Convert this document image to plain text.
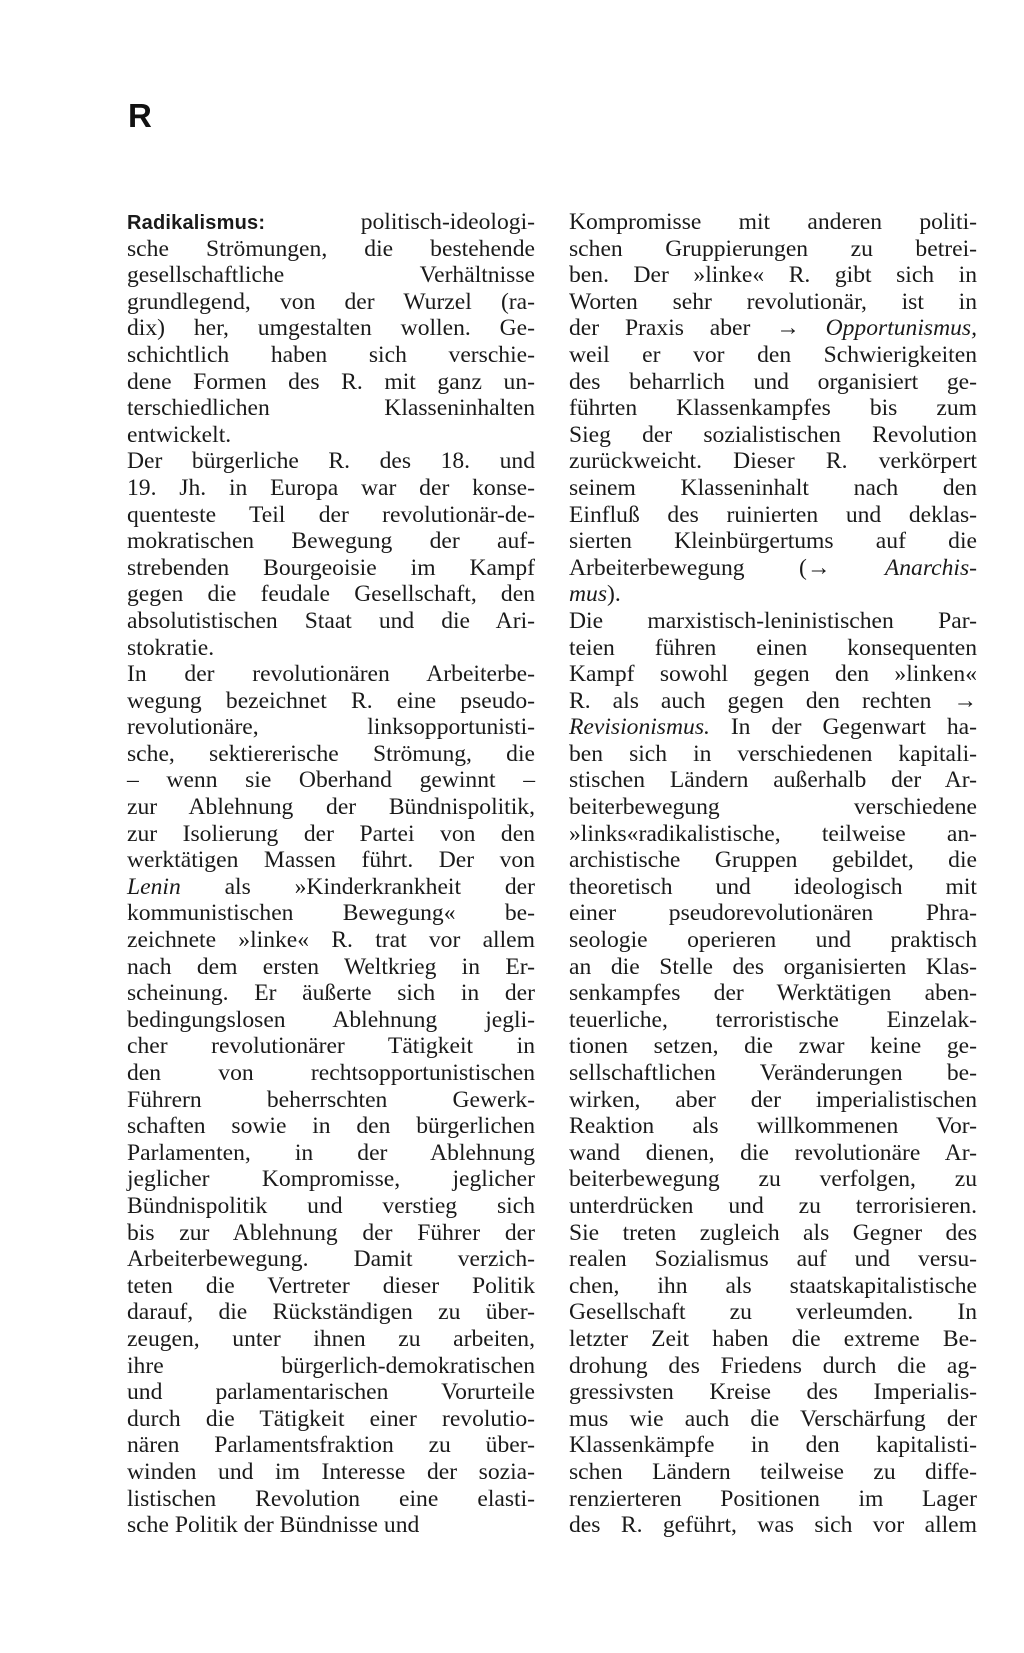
R
Radikalismus:	politisch-ideologi-
sche Strömungen, die bestehende
gesellschaftliche Verhältnisse
grundlegend, von der Wurzel (ra-
dix) her, umgestalten wollen. Ge-
schichtlich haben sich verschie-
dene Formen des R. mit ganz un-
terschiedlichen Klasseninhalten
entwickelt.
Der bürgerliche R. des 18. und
19. Jh. in Europa war der konse-
quenteste Teil der revolutionär-de-
mokratischen Bewegung der auf-
strebenden Bourgeoisie im Kampf
gegen die feudale Gesellschaft, den
absolutistischen Staat und die Ari-
stokratie.
In der revolutionären Arbeiterbe-
wegung bezeichnet R. eine pseudo-
revolutionäre, linksopportunisti-
sche, sektiererische Strömung, die
– wenn sie Oberhand gewinnt –
zur Ablehnung der Bündnispolitik,
zur Isolierung der Partei von den
werktätigen Massen führt. Der von
Lenin als »Kinderkrankheit der
kommunistischen Bewegung« be-
zeichnete »linke« R. trat vor allem
nach dem ersten Weltkrieg in Er-
scheinung. Er äußerte sich in der
bedingungslosen Ablehnung jegli-
cher revolutionärer Tätigkeit in
den von rechtsopportunistischen
Führern beherrschten Gewerk-
schaften sowie in den bürgerlichen
Parlamenten, in der Ablehnung
jeglicher Kompromisse, jeglicher
Bündnispolitik und verstieg sich
bis zur Ablehnung der Führer der
Arbeiterbewegung. Damit verzich-
teten die Vertreter dieser Politik
darauf, die Rückständigen zu über-
zeugen, unter ihnen zu arbeiten,
ihre bürgerlich-demokratischen
und parlamentarischen Vorurteile
durch die Tätigkeit einer revolutio-
nären Parlamentsfraktion zu über-
winden und im Interesse der sozia-
listischen Revolution eine elasti-
sche Politik der Bündnisse und
Kompromisse mit anderen politi-
schen Gruppierungen zu betrei-
ben. Der »linke« R. gibt sich in
Worten sehr revolutionär, ist in
der Praxis aber → Opportunismus,
weil er vor den Schwierigkeiten
des beharrlich und organisiert ge-
führten Klassenkampfes bis zum
Sieg der sozialistischen Revolution
zurückweicht. Dieser R. verkörpert
seinem Klasseninhalt nach den
Einfluß des ruinierten und deklas-
sierten Kleinbürgertums auf die
Arbeiterbewegung (→ Anarchis-
mus).
Die marxistisch-leninistischen Par-
teien führen einen konsequenten
Kampf sowohl gegen den »linken«
R. als auch gegen den rechten →
Revisionismus. In der Gegenwart ha-
ben sich in verschiedenen kapitali-
stischen Ländern außerhalb der Ar-
beiterbewegung verschiedene
»links«radikalistische, teilweise an-
archistische Gruppen gebildet, die
theoretisch und ideologisch mit
einer pseudorevolutionären Phra-
seologie operieren und praktisch
an die Stelle des organisierten Klas-
senkampfes der Werktätigen aben-
teuerliche, terroristische Einzelak-
tionen setzen, die zwar keine ge-
sellschaftlichen Veränderungen be-
wirken, aber der imperialistischen
Reaktion als willkommenen Vor-
wand dienen, die revolutionäre Ar-
beiterbewegung zu verfolgen, zu
unterdrücken und zu terrorisieren.
Sie treten zugleich als Gegner des
realen Sozialismus auf und versu-
chen, ihn als staatskapitalistische
Gesellschaft zu verleumden. In
letzter Zeit haben die extreme Be-
drohung des Friedens durch die ag-
gressivsten Kreise des Imperialis-
mus wie auch die Verschärfung der
Klassenkämpfe in den kapitalisti-
schen Ländern teilweise zu diffe-
renzierteren Positionen im Lager
des R. geführt, was sich vor allem
